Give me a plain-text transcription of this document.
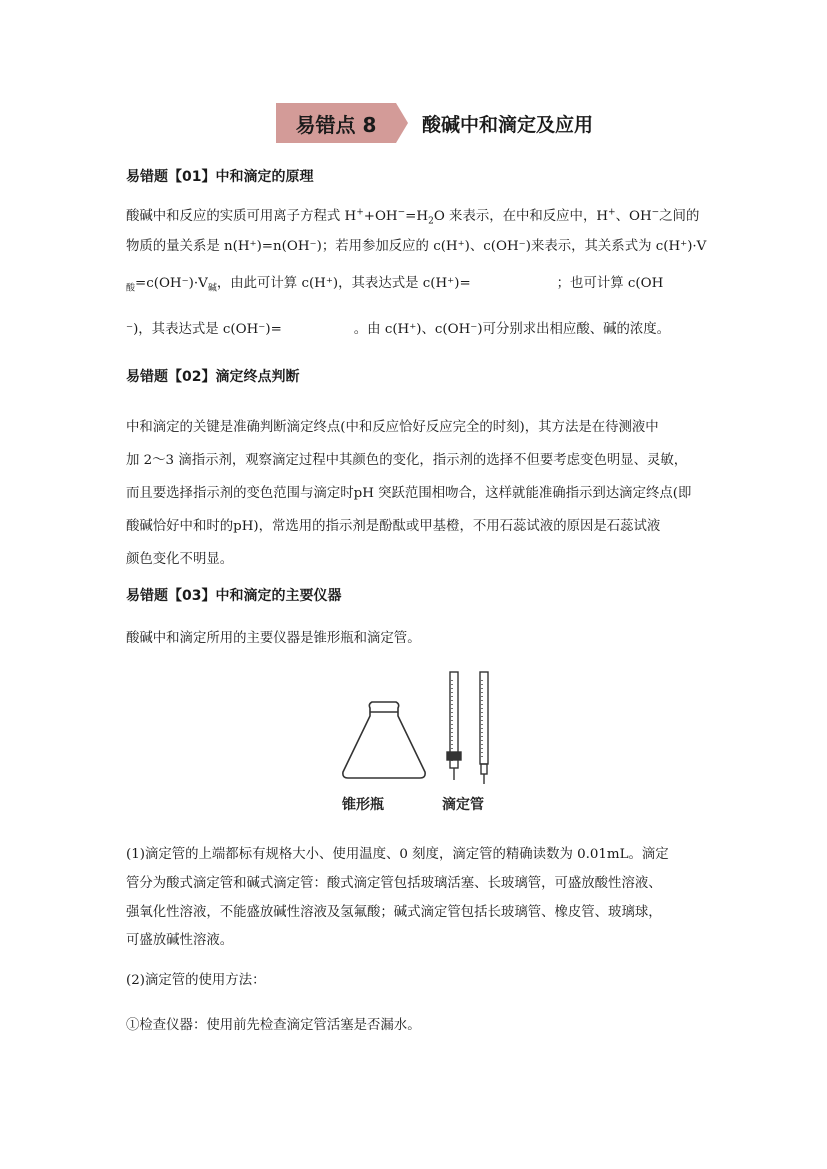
易错点 8	酸碱中和滴定及应用
易错题【01】中和滴定的原理
酸碱中和反应的实质可用离子方程式 $H^++OH^-=H_2O$ 来表示，在中和反应中，H+、OH−之间的
物质的量关系是 n(H⁺)=n(OH⁻)；若用参加反应的 c(H⁺)、c(OH⁻)来表示，其关系式为 c(H⁺)·V
$_酸=c(OH^-)\cdot V_碱$，由此可计算 c(H⁺)，其表达式是 c(H⁺)=	；也可计算 c(OH
⁻)，其表达式是 c(OH⁻)=	。由 c(H⁺)、c(OH⁻)可分别求出相应酸、碱的浓度。
易错题【02】滴定终点判断
中和滴定的关键是准确判断滴定终点(中和反应恰好反应完全的时刻)，其方法是在待测液中
加 2～3 滴指示剂，观察滴定过程中其颜色的变化，指示剂的选择不但要考虑变色明显、灵敏，
而且要选择指示剂的变色范围与滴定时pH 突跃范围相吻合，这样就能准确指示到达滴定终点(即
酸碱恰好中和时的pH)，常选用的指示剂是酚酞或甲基橙，不用石蕊试液的原因是石蕊试液
颜色变化不明显。
易错题【03】中和滴定的主要仪器
酸碱中和滴定所用的主要仪器是锥形瓶和滴定管。
锥形瓶	滴定管
(1)滴定管的上端都标有规格大小、使用温度、0 刻度，滴定管的精确读数为 0.01mL。滴定
管分为酸式滴定管和碱式滴定管：酸式滴定管包括玻璃活塞、长玻璃管，可盛放酸性溶液、
强氧化性溶液，不能盛放碱性溶液及氢氟酸；碱式滴定管包括长玻璃管、橡皮管、玻璃球，
可盛放碱性溶液。
(2)滴定管的使用方法：
①检查仪器：使用前先检查滴定管活塞是否漏水。
